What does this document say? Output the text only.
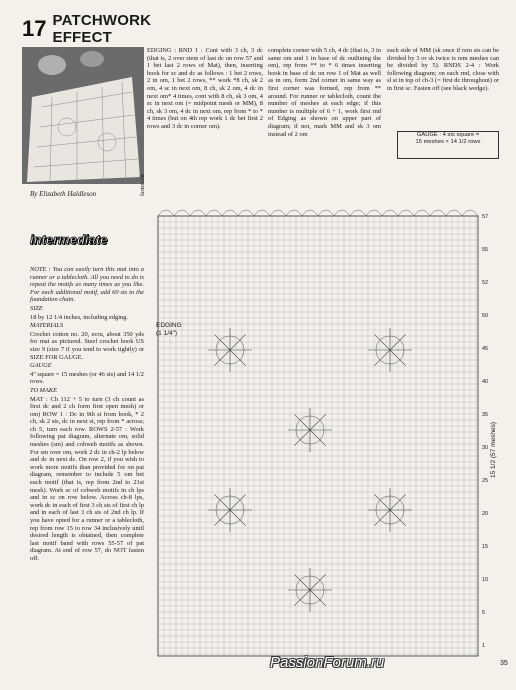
17 PATCHWORK EFFECT
By Elizabeth Haldleson
intermediate

NOTE : You can easily turn this mat into a runner or a tablecloth. All you need to do is repeat the motifs as many times as you like. For each additional motif, add 60 sts to the foundation chain.

SIZE

18 by 12 1/4 inches, including edging.

MATERIALS

Crochet cotton no. 20, ecru, about 350 yds for mat as pictured. Steel crochet hook US size 9 (size 7 if you tend to work tightly) or SIZE FOR GAUGE.

GAUGE

4" square = 15 meshes (or 46 sts) and 14 1/2 rows.

TO MAKE

MAT : Ch 112 + 5 to turn (3 ch count as first dc and 2 ch form first open mesh) or om) ROW 1 : Dc in 9th st from hook, * 2 ch, sk 2 sts, dc in next st, rep from * across; ch 5, turn each row. ROWS 2-57 : Work following pat diagram, alternate om, solid meshes (sm) and cobweb motifs as shown. For sm over om, work 2 dc in ch-2 lp below and dc in next dc. On row 2, if you wish to work more motifs than provided for on pat diagram, remember to include 5 om bet each motif (that is, rep from 2nd to 21st mesh). Work sc of cobweb motifs in ch lps and in sc on row below. Across ch-8 lps, work dc in each of first 3 ch sts of first ch lp and in each of last 3 ch sts of 2nd ch lp. If you have opted for a runner or a tablecloth, rep from row 15 to row 34 inclusively until desired length is obtained, then complete last motif band with rows 55-57 of pat diagram. At end of row 57, do NOT fasten off.

EDGING : RND 1 : Cont with 3 ch, 3 dc (that is, 2 over stem of last dc on row 57 and 1 bet last 2 rows of Mat), then, inserting hook for sc and dc as follows : 1 bet 2 rows, 2 in om, 1 bet 2 rows, ** work *8 ch, sk 2 om, 4 sc in next om, 8 ch, sk 2 om, 4 dc in next om* 4 times, cont with 8 ch, sk 3 om, 4 sc in next om (= midpoint mesh or MM), 8 ch, sk 3 om, 4 dc in next om, rep from * to * 4 times (but on 4th rep work 1 dc bet first 2 rows and 3 dc in corner om).
complete corner with 5 ch, 4 dc (that is, 3 in same om and 1 in base of dc outlining the om), rep from ** to * 6 times inserting hook in base of dc on row 1 of Mat as well as in om, form 2nd corner in same way as first corner was formed, rep from ** around. For runner or tablecloth, count the number of meshes at each edge; if this number is multiple of 6 + 1, work first rnd of Edging as shown on upper part of diagram; if not, mark MM and sk 3 om instead of 2 om
each side of MM (sk once if rem sts can be divided by 3 or sk twice is rem meshes can be divided by 5). RNDS 2-4 : Work following diagram; on each rnd, close with sl st in top of ch-3 (= first dc throughout) or in first sc. Fasten off (see black wedge).
GAUGE : 4 sts square =
15 meshes × 14 1/2 rows
fasten off
EDGING
(1 1/4")
57
55
52
50
45
40
35
30
25
20
15
10
5
1
15 1/2 (57 meshes)
PassionForum.ru	35
